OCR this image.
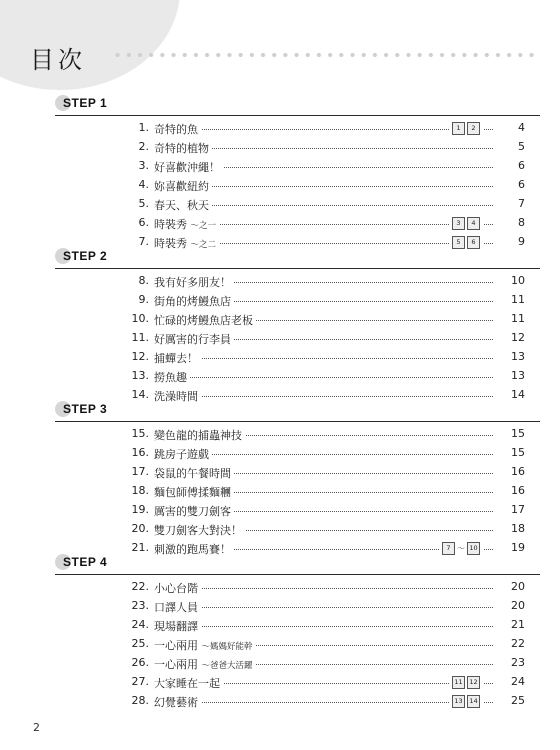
目次
STEP 1
1. 奇特的魚	1	2	4
2. 奇特的植物	5
3. 好喜歡沖繩！	6
4. 妳喜歡紐約	6
5. 春天、秋天	7
6. 時裝秀 ～之一	3	4	8
7. 時裝秀 ～之二	5	6	9
STEP 2
8. 我有好多朋友！	10
9. 街角的烤鰻魚店	11
10. 忙碌的烤鰻魚店老板	11
11. 好厲害的行李員	12
12. 捕蟬去！	13
13. 撈魚趣	13
14. 洗澡時間	14
STEP 3
15. 變色龍的捕蟲神技	15
16. 跳房子遊戲	15
17. 袋鼠的午餐時間	16
18. 麵包師傅揉麵糰	16
19. 厲害的雙刀劍客	17
20. 雙刀劍客大對決！	18
21. 刺激的跑馬賽！	7 ～ 10	19
STEP 4
22. 小心台階	20
23. 口譯人員	20
24. 現場翻譯	21
25. 一心兩用 ～媽媽好能幹	22
26. 一心兩用 ～爸爸大活躍	23
27. 大家睡在一起	11	12	24
28. 幻覺藝術	13	14	25
2
